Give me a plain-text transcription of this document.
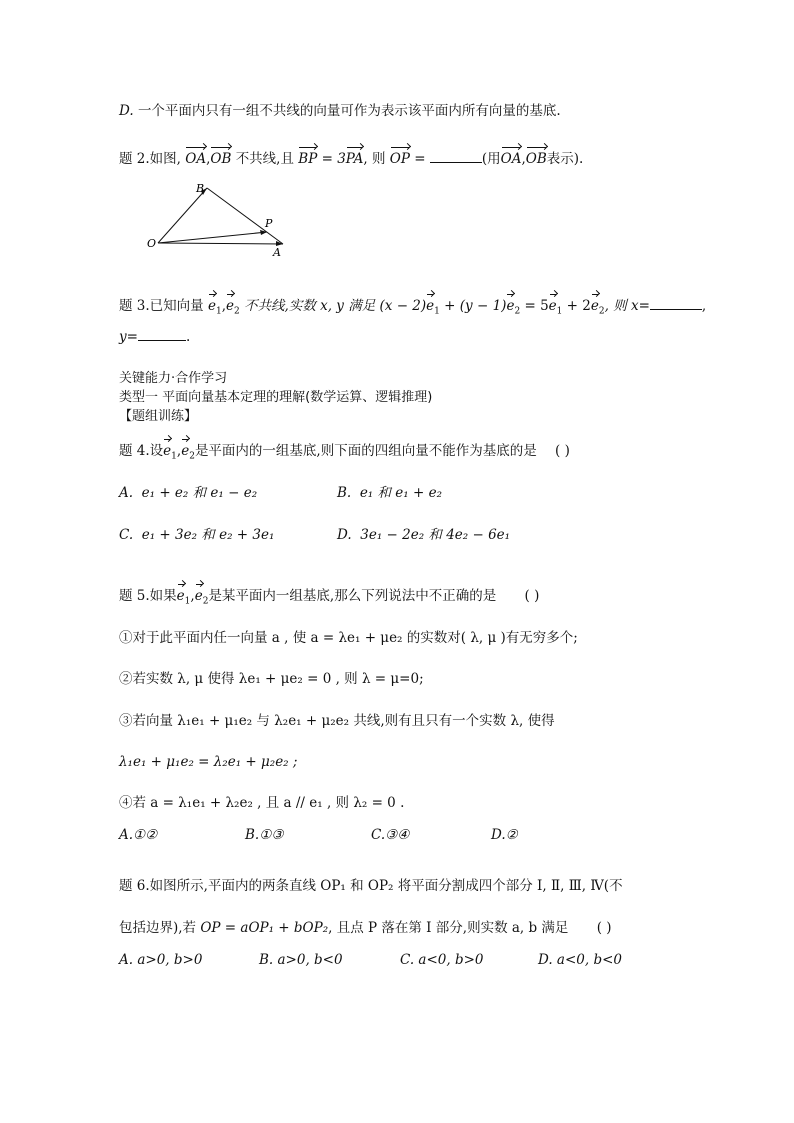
D. 一个平面内只有一组不共线的向量可作为表示该平面内所有向量的基底.
题 2.如图, OA,OB 不共线,且 BP = 3PA, 则 OP =	(用OA,OB表示).
B
P
O
A
题 3.已知向量 $e_1,e_2$ 不共线,实数 x, y 满足 $(x - 2)e_1 + (y - 1)e_2 = 5e_1 + 2e_2$, 则 x=	,
y=	.
关键能力·合作学习
类型一 平面向量基本定理的理解(数学运算、逻辑推理)
【题组训练】
题 4.设$e_1,e_2$是平面内的一组基底,则下面的四组向量不能作为基底的是 ( )
A. e₁ + e₂ 和 e₁ − e₂	B. e₁ 和 e₁ + e₂
C. e₁ + 3e₂ 和 e₂ + 3e₁	D. 3e₁ − 2e₂ 和 4e₂ − 6e₁
题 5.如果$e_1,e_2$是某平面内一组基底,那么下列说法中不正确的是 ( )
①对于此平面内任一向量 a , 使 a = λe₁ + μe₂ 的实数对( λ, μ )有无穷多个;
②若实数 λ, μ 使得 λe₁ + μe₂ = 0 , 则 λ = μ=0;
③若向量 λ₁e₁ + μ₁e₂ 与 λ₂e₁ + μ₂e₂ 共线,则有且只有一个实数 λ, 使得
λ₁e₁ + μ₁e₂ = λ₂e₁ + μ₂e₂ ;
④若 a = λ₁e₁ + λ₂e₂ , 且 a // e₁ , 则 λ₂ = 0 .
A.①②	B.①③	C.③④	D.②
题 6.如图所示,平面内的两条直线 OP₁ 和 OP₂ 将平面分割成四个部分 Ⅰ, Ⅱ, Ⅲ, Ⅳ(不
包括边界),若 OP = aOP₁ + bOP₂, 且点 P 落在第 Ⅰ 部分,则实数 a, b 满足 ( )
A. a>0, b>0	B. a>0, b<0	C. a<0, b>0	D. a<0, b<0
